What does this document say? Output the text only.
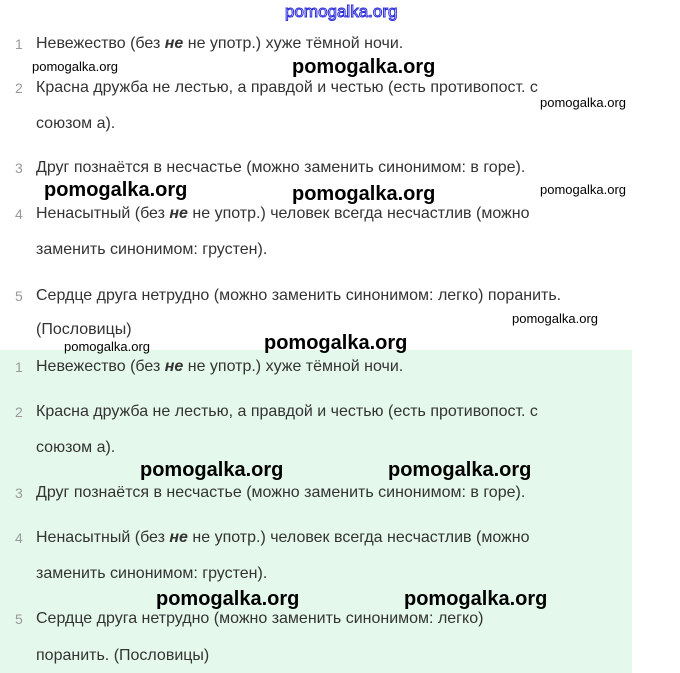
1 Невежество (без не не употр.) хуже тёмной ночи.
2 Красна дружба не лестью, а правдой и честью (есть противопост. с
союзом а).
3 Друг познаётся в несчастье (можно заменить синонимом: в горе).
4 Ненасытный (без не не употр.) человек всегда несчастлив (можно
заменить синонимом: грустен).
5 Сердце друга нетрудно (можно заменить синонимом: легко) поранить.
(Пословицы)
1 Невежество (без не не употр.) хуже тёмной ночи.
2 Красна дружба не лестью, а правдой и честью (есть противопост. с
союзом а).
3 Друг познаётся в несчастье (можно заменить синонимом: в горе).
4 Ненасытный (без не не употр.) человек всегда несчастлив (можно
заменить синонимом: грустен).
5 Сердце друга нетрудно (можно заменить синонимом: легко)
поранить. (Пословицы)
pomogalka.org
pomogalka.org	pomogalka.org
pomogalka.org
pomogalka.org	pomogalka.org
pomogalka.org
pomogalka.org
pomogalka.org
pomogalka.org
pomogalka.org	pomogalka.org
pomogalka.org	pomogalka.org
